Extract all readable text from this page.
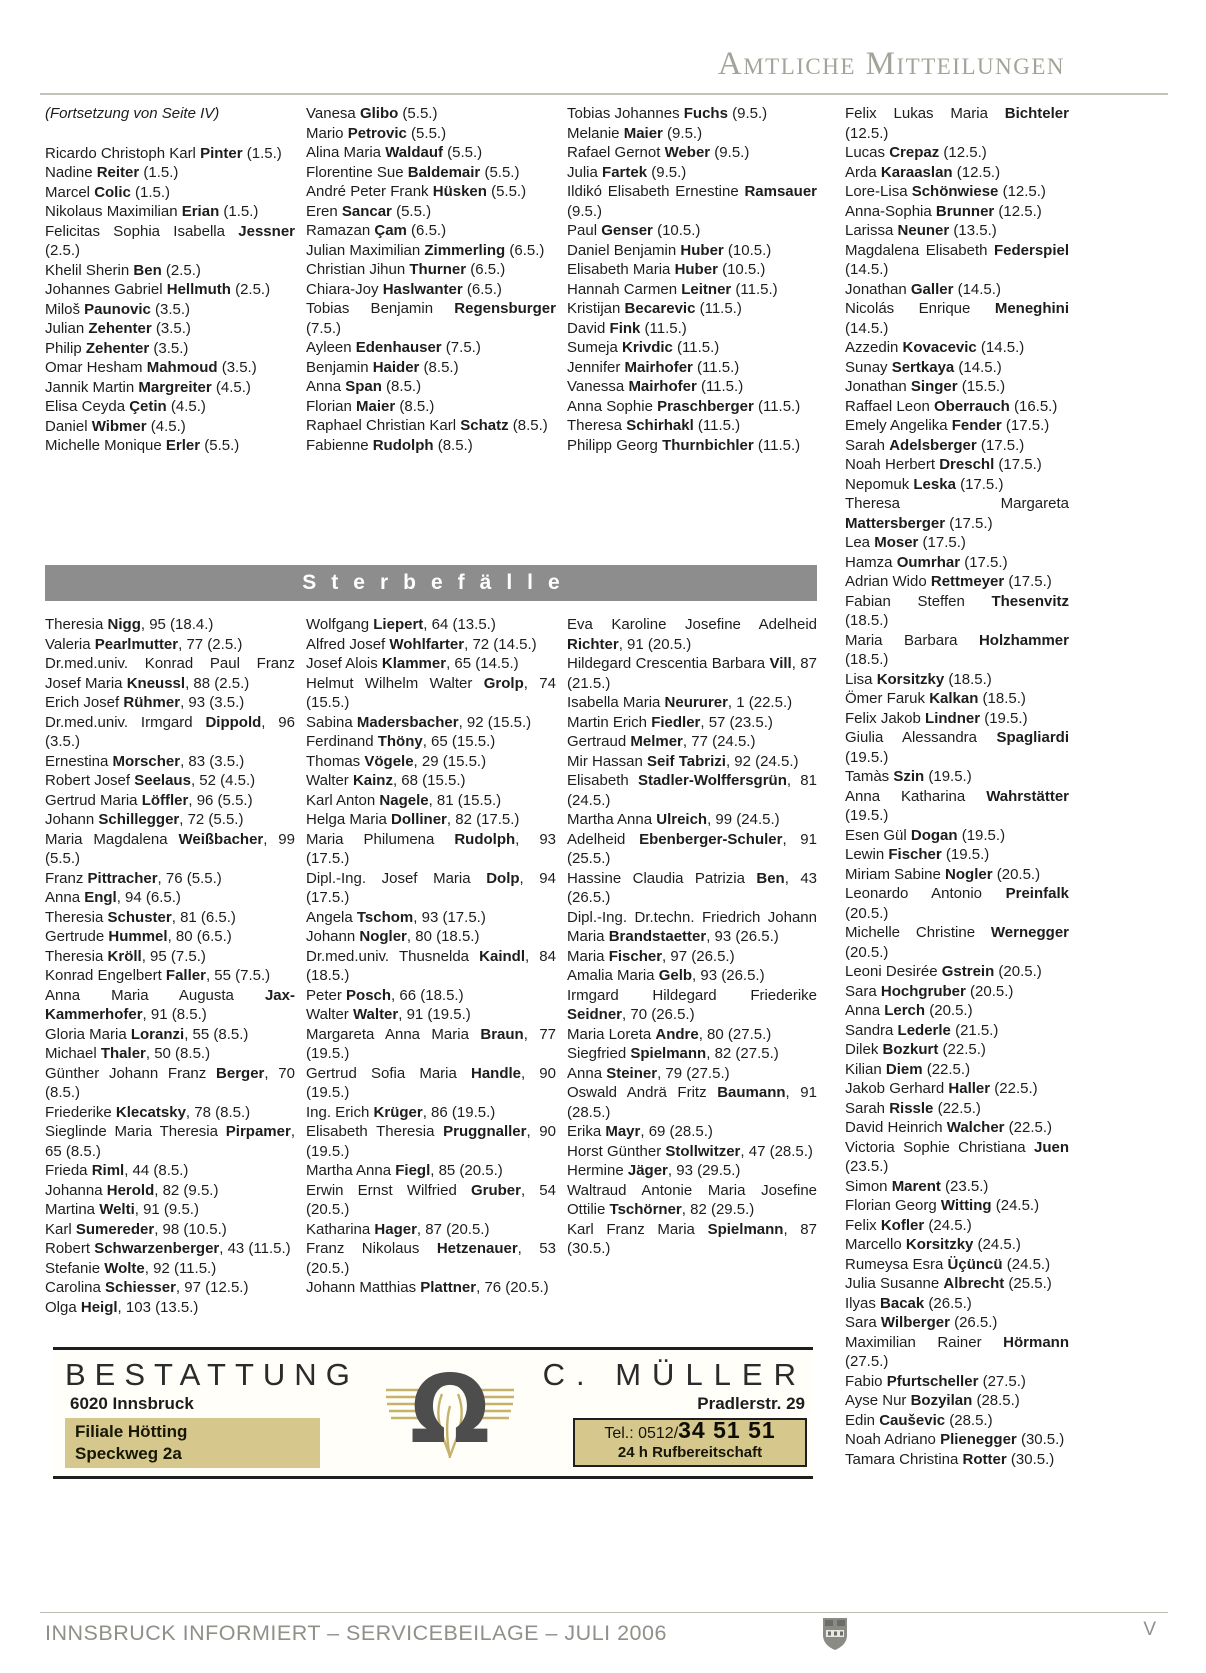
Amtliche Mitteilungen
Felix Lukas Maria Bichteler (12.5.)
Lucas Crepaz (12.5.)
Arda Karaaslan (12.5.)
Lore-Lisa Schönwiese (12.5.)
Anna-Sophia Brunner (12.5.)
Larissa Neuner (13.5.)
Magdalena Elisabeth Federspiel (14.5.)
Jonathan Galler (14.5.)
Nicolás Enrique Meneghini (14.5.)
Azzedin Kovacevic (14.5.)
Sunay Sertkaya (14.5.)
Jonathan Singer (15.5.)
Raffael Leon Oberrauch (16.5.)
Emely Angelika Fender (17.5.)
Sarah Adelsberger (17.5.)
Noah Herbert Dreschl (17.5.)
Nepomuk Leska (17.5.)
Theresa Margareta Mattersberger (17.5.)
Lea Moser (17.5.)
Hamza Oumrhar (17.5.)
Adrian Wido Rettmeyer (17.5.)
Fabian Steffen Thesenvitz (18.5.)
Maria Barbara Holzhammer (18.5.)
Lisa Korsitzky (18.5.)
Ömer Faruk Kalkan (18.5.)
Felix Jakob Lindner (19.5.)
Giulia Alessandra Spagliardi (19.5.)
Tamàs Szin (19.5.)
Anna Katharina Wahrstätter (19.5.)
Esen Gül Dogan (19.5.)
Lewin Fischer (19.5.)
Miriam Sabine Nogler (20.5.)
Leonardo Antonio Preinfalk (20.5.)
Michelle Christine Wernegger (20.5.)
Leoni Desirée Gstrein (20.5.)
Sara Hochgruber (20.5.)
Anna Lerch (20.5.)
Sandra Lederle (21.5.)
Dilek Bozkurt (22.5.)
Kilian Diem (22.5.)
Jakob Gerhard Haller (22.5.)
Sarah Rissle (22.5.)
David Heinrich Walcher (22.5.)
Victoria Sophie Christiana Juen (23.5.)
Simon Marent (23.5.)
Florian Georg Witting (24.5.)
Felix Kofler (24.5.)
Marcello Korsitzky (24.5.)
Rumeysa Esra Üçüncü (24.5.)
Julia Susanne Albrecht (25.5.)
Ilyas Bacak (26.5.)
Sara Wilberger (26.5.)
Maximilian Rainer Hörmann (27.5.)
Fabio Pfurtscheller (27.5.)
Ayse Nur Bozyilan (28.5.)
Edin Cauševic (28.5.)
Noah Adriano Plienegger (30.5.)
Tamara Christina Rotter (30.5.)
(Fortsetzung von Seite IV)
Ricardo Christoph Karl Pinter (1.5.)
Nadine Reiter (1.5.)
Marcel Colic (1.5.)
Nikolaus Maximilian Erian (1.5.)
Felicitas Sophia Isabella Jessner (2.5.)
Khelil Sherin Ben (2.5.)
Johannes Gabriel Hellmuth (2.5.)
Miloš Paunovic (3.5.)
Julian Zehenter (3.5.)
Philip Zehenter (3.5.)
Omar Hesham Mahmoud (3.5.)
Jannik Martin Margreiter (4.5.)
Elisa Ceyda Çetin (4.5.)
Daniel Wibmer (4.5.)
Michelle Monique Erler (5.5.)
Vanesa Glibo (5.5.)
Mario Petrovic (5.5.)
Alina Maria Waldauf (5.5.)
Florentine Sue Baldemair (5.5.)
André Peter Frank Hüsken (5.5.)
Eren Sancar (5.5.)
Ramazan Çam (6.5.)
Julian Maximilian Zimmerling (6.5.)
Christian Jihun Thurner (6.5.)
Chiara-Joy Haslwanter (6.5.)
Tobias Benjamin Regensburger (7.5.)
Ayleen Edenhauser (7.5.)
Benjamin Haider (8.5.)
Anna Span (8.5.)
Florian Maier (8.5.)
Raphael Christian Karl Schatz (8.5.)
Fabienne Rudolph (8.5.)
Tobias Johannes Fuchs (9.5.)
Melanie Maier (9.5.)
Rafael Gernot Weber (9.5.)
Julia Fartek (9.5.)
Ildikó Elisabeth Ernestine Ramsauer (9.5.)
Paul Genser (10.5.)
Daniel Benjamin Huber (10.5.)
Elisabeth Maria Huber (10.5.)
Hannah Carmen Leitner (11.5.)
Kristijan Becarevic (11.5.)
David Fink (11.5.)
Sumeja Krivdic (11.5.)
Jennifer Mairhofer (11.5.)
Vanessa Mairhofer (11.5.)
Anna Sophie Praschberger (11.5.)
Theresa Schirhakl (11.5.)
Philipp Georg Thurnbichler (11.5.)
Sterbefälle
Theresia Nigg, 95 (18.4.)
Valeria Pearlmutter, 77 (2.5.)
Dr.med.univ. Konrad Paul Franz Josef Maria Kneussl, 88 (2.5.)
Erich Josef Rühmer, 93 (3.5.)
Dr.med.univ. Irmgard Dippold, 96 (3.5.)
Ernestina Morscher, 83 (3.5.)
Robert Josef Seelaus, 52 (4.5.)
Gertrud Maria Löffler, 96 (5.5.)
Johann Schillegger, 72 (5.5.)
Maria Magdalena Weißbacher, 99 (5.5.)
Franz Pittracher, 76 (5.5.)
Anna Engl, 94 (6.5.)
Theresia Schuster, 81 (6.5.)
Gertrude Hummel, 80 (6.5.)
Theresia Kröll, 95 (7.5.)
Konrad Engelbert Faller, 55 (7.5.)
Anna Maria Augusta Jax-Kammerhofer, 91 (8.5.)
Gloria Maria Loranzi, 55 (8.5.)
Michael Thaler, 50 (8.5.)
Günther Johann Franz Berger, 70 (8.5.)
Friederike Klecatsky, 78 (8.5.)
Sieglinde Maria Theresia Pirpamer, 65 (8.5.)
Frieda Riml, 44 (8.5.)
Johanna Herold, 82 (9.5.)
Martina Welti, 91 (9.5.)
Karl Sumereder, 98 (10.5.)
Robert Schwarzenberger, 43 (11.5.)
Stefanie Wolte, 92 (11.5.)
Carolina Schiesser, 97 (12.5.)
Olga Heigl, 103 (13.5.)
Wolfgang Liepert, 64 (13.5.)
Alfred Josef Wohlfarter, 72 (14.5.)
Josef Alois Klammer, 65 (14.5.)
Helmut Wilhelm Walter Grolp, 74 (15.5.)
Sabina Madersbacher, 92 (15.5.)
Ferdinand Thöny, 65 (15.5.)
Thomas Vögele, 29 (15.5.)
Walter Kainz, 68 (15.5.)
Karl Anton Nagele, 81 (15.5.)
Helga Maria Dolliner, 82 (17.5.)
Maria Philumena Rudolph, 93 (17.5.)
Dipl.-Ing. Josef Maria Dolp, 94 (17.5.)
Angela Tschom, 93 (17.5.)
Johann Nogler, 80 (18.5.)
Dr.med.univ. Thusnelda Kaindl, 84 (18.5.)
Peter Posch, 66 (18.5.)
Walter Walter, 91 (19.5.)
Margareta Anna Maria Braun, 77 (19.5.)
Gertrud Sofia Maria Handle, 90 (19.5.)
Ing. Erich Krüger, 86 (19.5.)
Elisabeth Theresia Pruggnaller, 90 (19.5.)
Martha Anna Fiegl, 85 (20.5.)
Erwin Ernst Wilfried Gruber, 54 (20.5.)
Katharina Hager, 87 (20.5.)
Franz Nikolaus Hetzenauer, 53 (20.5.)
Johann Matthias Plattner, 76 (20.5.)
Eva Karoline Josefine Adelheid Richter, 91 (20.5.)
Hildegard Crescentia Barbara Vill, 87 (21.5.)
Isabella Maria Neururer, 1 (22.5.)
Martin Erich Fiedler, 57 (23.5.)
Gertraud Melmer, 77 (24.5.)
Mir Hassan Seif Tabrizi, 92 (24.5.)
Elisabeth Stadler-Wolffersgrün, 81 (24.5.)
Martha Anna Ulreich, 99 (24.5.)
Adelheid Ebenberger-Schuler, 91 (25.5.)
Hassine Claudia Patrizia Ben, 43 (26.5.)
Dipl.-Ing. Dr.techn. Friedrich Johann Maria Brandstaetter, 93 (26.5.)
Maria Fischer, 97 (26.5.)
Amalia Maria Gelb, 93 (26.5.)
Irmgard Hildegard Friederike Seidner, 70 (26.5.)
Maria Loreta Andre, 80 (27.5.)
Siegfried Spielmann, 82 (27.5.)
Anna Steiner, 79 (27.5.)
Oswald Andrä Fritz Baumann, 91 (28.5.)
Erika Mayr, 69 (28.5.)
Horst Günther Stollwitzer, 47 (28.5.)
Hermine Jäger, 93 (29.5.)
Waltraud Antonie Maria Josefine Ottilie Tschörner, 82 (29.5.)
Karl Franz Maria Spielmann, 87 (30.5.)
BESTATTUNG
6020 Innsbruck
Filiale Hötting
Speckweg 2a	Ω C. MÜLLER
Pradlerstr. 29
Tel.: 0512/34 51 51
24 h Rufbereitschaft
INNSBRUCK INFORMIERT – SERVICEBEILAGE – JULI 2006	V
